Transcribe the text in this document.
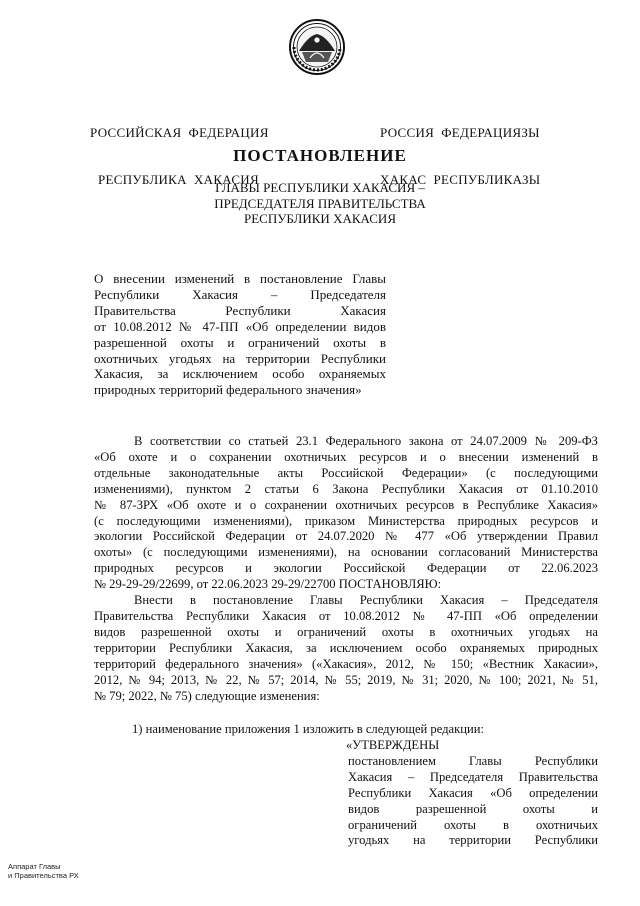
РОССИЙСКАЯ  ФЕДЕРАЦИЯ

РЕСПУБЛИКА  ХАКАСИЯ

РОССИЯ  ФЕДЕРАЦИЯЗЫ

ХАКАС  РЕСПУБЛИКАЗЫ

ПОСТАНОВЛЕНИЕ
ГЛАВЫ РЕСПУБЛИКИ ХАКАСИЯ –
ПРЕДСЕДАТЕЛЯ ПРАВИТЕЛЬСТВА
РЕСПУБЛИКИ ХАКАСИЯ
О внесении изменений в постановление Главы
Республики Хакасия – Председателя
Правительства Республики Хакасия
от 10.08.2012 № 47-ПП «Об определении видов
разрешенной охоты и ограничений охоты в
охотничьих угодьях на территории Республики
Хакасия, за исключением особо охраняемых
природных территорий федерального значения»
В соответствии со статьей 23.1 Федерального закона от 24.07.2009 № 209-ФЗ
«Об охоте и о сохранении охотничьих ресурсов и о внесении изменений в
отдельные законодательные акты Российской Федерации» (с последующими
изменениями), пунктом 2 статьи 6 Закона Республики Хакасия от 01.10.2010
№ 87-ЗРХ «Об охоте и о сохранении охотничьих ресурсов в Республике Хакасия»
(с последующими изменениями), приказом Министерства природных ресурсов и
экологии Российской Федерации от 24.07.2020 № 477 «Об утверждении Правил
охоты» (с последующими изменениями), на основании согласований Министерства
природных ресурсов и экологии Российской Федерации от 22.06.2023
№ 29-29-29/22699, от 22.06.2023 29-29/22700 ПОСТАНОВЛЯЮ:
Внести в постановление Главы Республики Хакасия – Председателя
Правительства Республики Хакасия от 10.08.2012 № 47-ПП «Об определении
видов разрешенной охоты и ограничений охоты в охотничьих угодьях на
территории Республики Хакасия, за исключением особо охраняемых природных
территорий федерального значения» («Хакасия», 2012, № 150; «Вестник Хакасии»,
2012, № 94; 2013, № 22, № 57; 2014, № 55; 2019, № 31; 2020, № 100; 2021, № 51,
№ 79; 2022, № 75) следующие изменения:
1) наименование приложения 1 изложить в следующей редакции:
«УТВЕРЖДЕНЫ
постановлением Главы Республики
Хакасия – Председателя Правительства
Республики Хакасия «Об определении
видов разрешенной охоты и
ограничений охоты в охотничьих
угодьях на территории Республики
Аппарат Главы
и Правительства РХ
